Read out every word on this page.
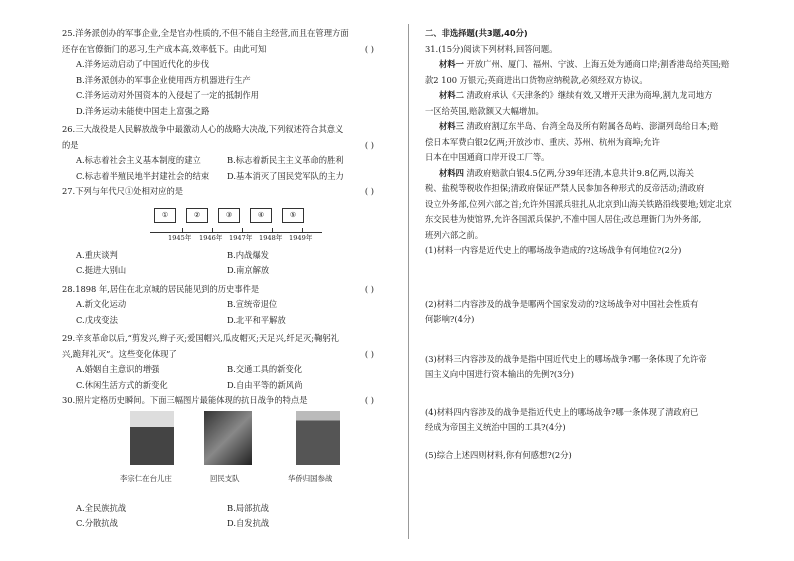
25.洋务派创办的军事企业,全是官办性质的,不但不能自主经营,而且在管理方面
还存在官僚衙门的恶习,生产成本高,效率低下。由此可知	( )
A.洋务运动启动了中国近代化的步伐
B.洋务派创办的军事企业使用西方机器进行生产
C.洋务运动对外国资本的入侵起了一定的抵制作用
D.洋务运动未能使中国走上富强之路
26.三大战役是人民解放战争中最激动人心的战略大决战,下列叙述符合其意义
的是	( )
A.标志着社会主义基本制度的建立	B.标志着新民主主义革命的胜利
C.标志着半殖民地半封建社会的结束	D.基本消灭了国民党军队的主力
27.下列与年代尺①处相对应的是	( )
①	②	③	④	⑤
1945年 1946年 1947年 1948年 1949年
A.重庆谈判	B.内战爆发
C.挺进大别山	D.南京解放
28.1898 年,居住在北京城的居民能见到的历史事件是	( )
A.新文化运动	B.宣统帝退位
C.戊戌变法	D.北平和平解放
29.辛亥革命以后,“剪发兴,辫子灭;爱国帽兴,瓜皮帽灭;天足兴,纤足灭;鞠躬礼
兴,跪拜礼灭”。这些变化体现了	( )
A.婚姻自主意识的增强	B.交通工具的新变化
C.休闲生活方式的新变化	D.自由平等的新风尚
30.照片定格历史瞬间。下面三幅图片最能体现的抗日战争的特点是	( )
李宗仁在台儿庄	回民支队	华侨归国参战
A.全民族抗战	B.局部抗战
C.分散抗战	D.自发抗战
二、非选择题(共3题,40分)
31.(15分)阅读下列材料,回答问题。
材料一 开放广州、厦门、福州、宁波、上海五处为通商口岸;割香港岛给英国;赔
款2 100 万银元;英商进出口货物应纳税款,必须经双方协议。
材料二 清政府承认《天津条约》继续有效,又增开天津为商埠,割九龙司地方
一区给英国,赔款额又大幅增加。
材料三 清政府割辽东半岛、台湾全岛及所有附属各岛屿、澎湖列岛给日本;赔
偿日本军费白银2亿两;开放沙市、重庆、苏州、杭州为商埠;允许
日本在中国通商口岸开设工厂等。
材料四 清政府赔款白银4.5亿两,分39年还清,本息共计9.8亿两,以海关
税、盐税等税收作担保;清政府保证严禁人民参加各种形式的反帝活动;清政府
设立外务部,位列六部之首;允许外国派兵驻扎从北京到山海关铁路沿线要地;划定北京
东交民巷为使馆界,允许各国派兵保护,不准中国人居住;改总理衙门为外务部,
班列六部之前。
(1)材料一内容是近代史上的哪场战争造成的?这场战争有何地位?(2分)
(2)材料二内容涉及的战争是哪两个国家发动的?这场战争对中国社会性质有
何影响?(4分)
(3)材料三内容涉及的战争是指中国近代史上的哪场战争?哪一条体现了允许帝
国主义向中国进行资本输出的先例?(3分)
(4)材料四内容涉及的战争是指近代史上的哪场战争?哪一条体现了清政府已
经成为帝国主义统治中国的工具?(4分)
(5)综合上述四则材料,你有何感想?(2分)
